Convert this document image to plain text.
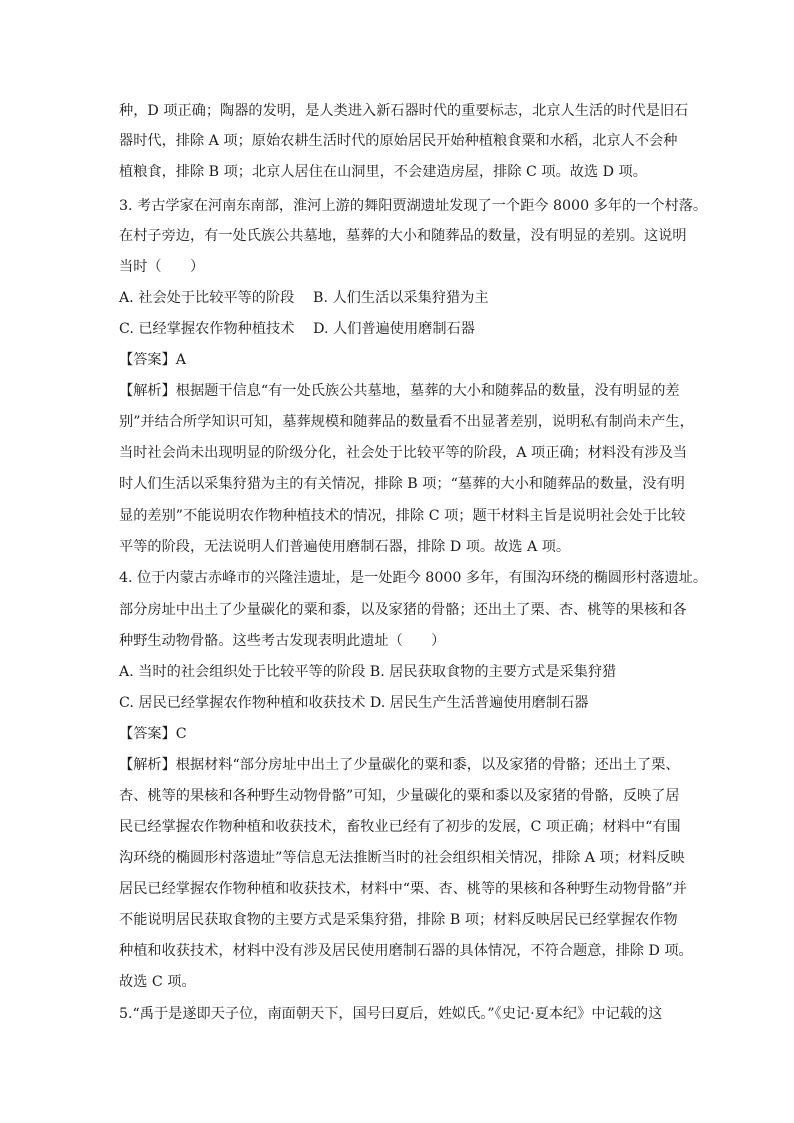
种，D 项正确；陶器的发明，是人类进入新石器时代的重要标志，北京人生活的时代是旧石
器时代，排除 A 项；原始农耕生活时代的原始居民开始种植粮食粟和水稻，北京人不会种
植粮食，排除 B 项；北京人居住在山洞里，不会建造房屋，排除 C 项。故选 D 项。
3. 考古学家在河南东南部，淮河上游的舞阳贾湖遗址发现了一个距今 8000 多年的一个村落。
在村子旁边，有一处氏族公共墓地，墓葬的大小和随葬品的数量，没有明显的差别。这说明
当时（　　）
A. 社会处于比较平等的阶段　 B. 人们生活以采集狩猎为主
C. 已经掌握农作物种植技术　 D. 人们普遍使用磨制石器
【答案】A
【解析】根据题干信息“有一处氏族公共墓地，墓葬的大小和随葬品的数量，没有明显的差
别”并结合所学知识可知，墓葬规模和随葬品的数量看不出显著差别，说明私有制尚未产生，
当时社会尚未出现明显的阶级分化，社会处于比较平等的阶段，A 项正确；材料没有涉及当
时人们生活以采集狩猎为主的有关情况，排除 B 项；“墓葬的大小和随葬品的数量，没有明
显的差别”不能说明农作物种植技术的情况，排除 C 项；题干材料主旨是说明社会处于比较
平等的阶段，无法说明人们普遍使用磨制石器，排除 D 项。故选 A 项。
4. 位于内蒙古赤峰市的兴隆洼遗址，是一处距今 8000 多年，有围沟环绕的椭圆形村落遗址。
部分房址中出土了少量碳化的粟和黍，以及家猪的骨骼；还出土了栗、杏、桃等的果核和各
种野生动物骨骼。这些考古发现表明此遗址（　　）
A. 当时的社会组织处于比较平等的阶段 B. 居民获取食物的主要方式是采集狩猎
C. 居民已经掌握农作物种植和收获技术 D. 居民生产生活普遍使用磨制石器
【答案】C
【解析】根据材料“部分房址中出土了少量碳化的粟和黍，以及家猪的骨骼；还出土了栗、
杏、桃等的果核和各种野生动物骨骼”可知，少量碳化的粟和黍以及家猪的骨骼，反映了居
民已经掌握农作物种植和收获技术，畜牧业已经有了初步的发展，C 项正确；材料中“有围
沟环绕的椭圆形村落遗址”等信息无法推断当时的社会组织相关情况，排除 A 项；材料反映
居民已经掌握农作物种植和收获技术，材料中“栗、杏、桃等的果核和各种野生动物骨骼”并
不能说明居民获取食物的主要方式是采集狩猎，排除 B 项；材料反映居民已经掌握农作物
种植和收获技术，材料中没有涉及居民使用磨制石器的具体情况，不符合题意，排除 D 项。
故选 C 项。
5.“禹于是遂即天子位，南面朝天下，国号曰夏后，姓姒氏。”《史记·夏本纪》中记载的这
